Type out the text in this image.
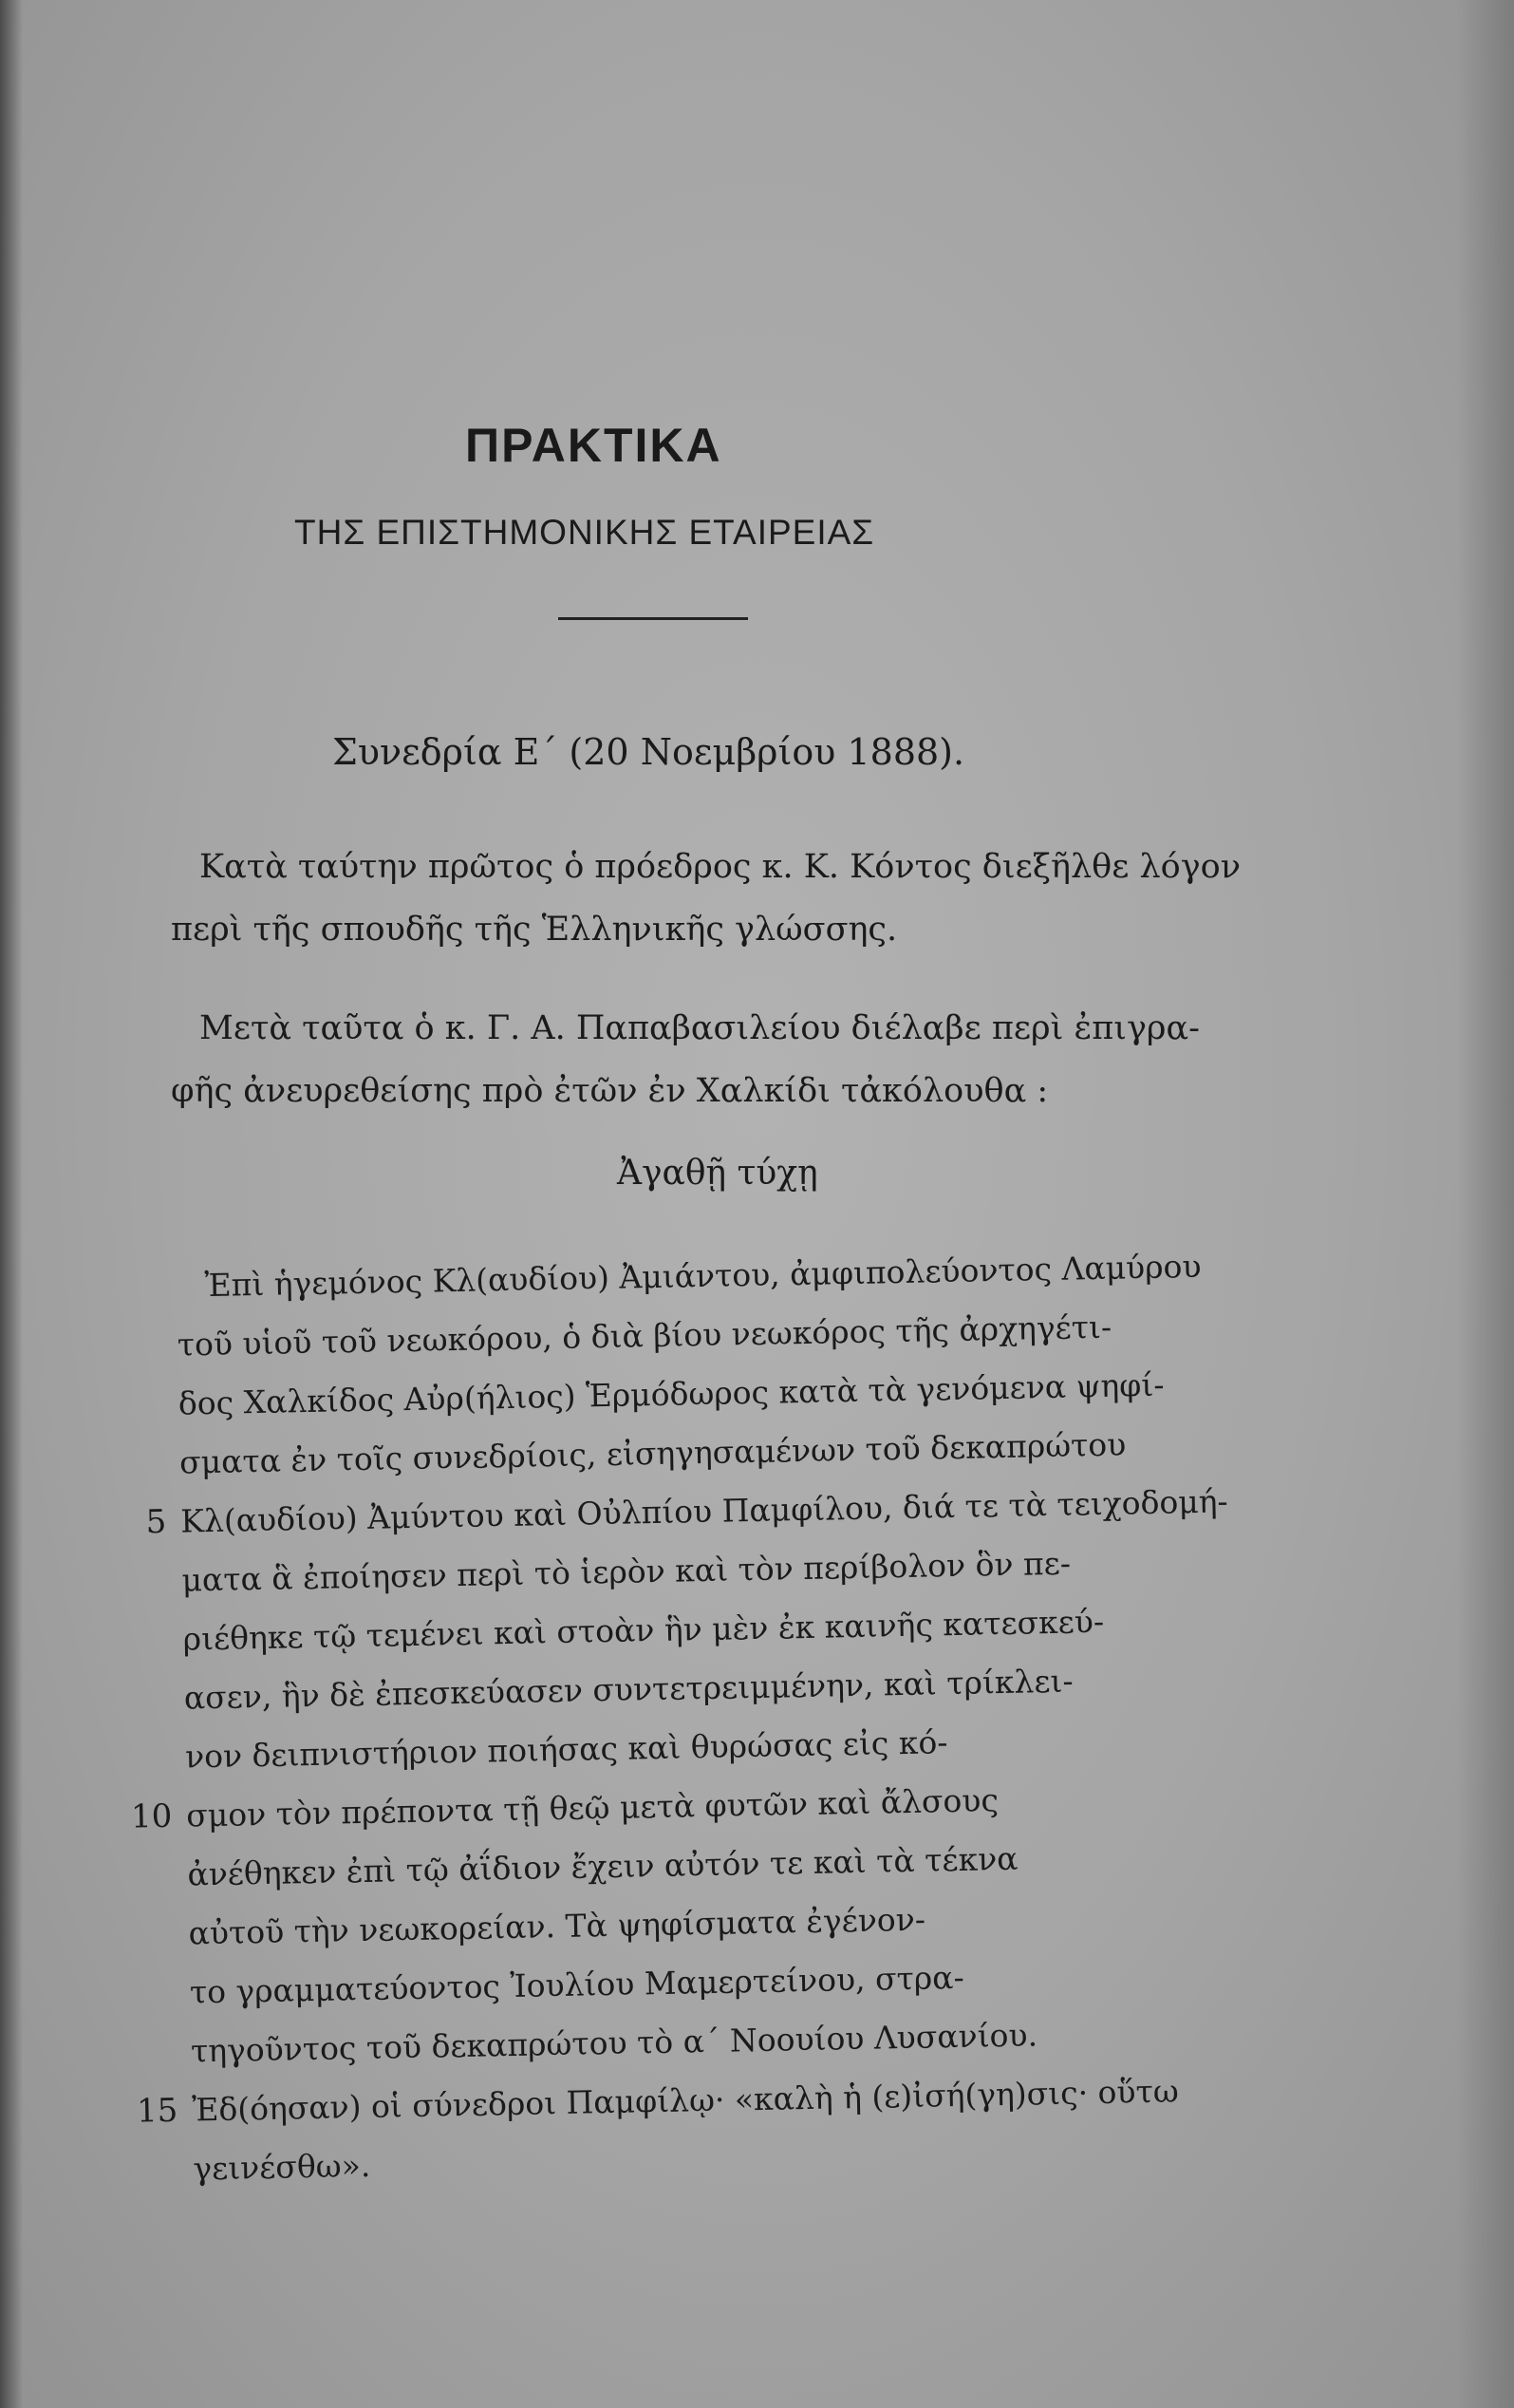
ΠΡΑΚΤΙΚΑ
ΤΗΣ ΕΠΙΣΤΗΜΟΝΙΚΗΣ ΕΤΑΙΡΕΙΑΣ
Συνεδρία Ε΄ (20 Νοεμβρίου 1888).

Κατὰ ταύτην πρῶτος ὁ πρόεδρος κ. Κ. Κόντος διεξῆλθε λόγον

περὶ τῆς σπουδῆς τῆς Ἑλληνικῆς γλώσσης.

Μετὰ ταῦτα ὁ κ. Γ. Α. Παπαβασιλείου διέλαβε περὶ ἐπιγρα-

φῆς ἀνευρεθείσης πρὸ ἐτῶν ἐν Χαλκίδι τἀκόλουθα :

Ἀγαθῇ τύχῃ
Ἐπὶ ἡγεμόνος Κλ(αυδίου) Ἀμιάντου, ἀμφιπολεύοντος Λαμύρου
τοῦ υἱοῦ τοῦ νεωκόρου, ὁ διὰ βίου νεωκόρος τῆς ἀρχηγέτι-
δος Χαλκίδος Αὐρ(ήλιος) Ἑρμόδωρος κατὰ τὰ γενόμενα ψηφί-
σματα ἐν τοῖς συνεδρίοις, εἰσηγησαμένων τοῦ δεκαπρώτου
5 Κλ(αυδίου) Ἀμύντου καὶ Οὐλπίου Παμφίλου, διά τε τὰ τειχοδομή-
ματα ἃ ἐποίησεν περὶ τὸ ἱερὸν καὶ τὸν περίβολον ὃν πε-
ριέθηκε τῷ τεμένει καὶ στοὰν ἣν μὲν ἐκ καινῆς κατεσκεύ-
ασεν, ἣν δὲ ἐπεσκεύασεν συντετρειμμένην, καὶ τρίκλει-
νον δειπνιστήριον ποιήσας καὶ θυρώσας εἰς κό-
10 σμον τὸν πρέποντα τῇ θεῷ μετὰ φυτῶν καὶ ἄλσους
ἀνέθηκεν ἐπὶ τῷ ἀΐδιον ἔχειν αὐτόν τε καὶ τὰ τέκνα
αὐτοῦ τὴν νεωκορείαν. Τὰ ψηφίσματα ἐγένον-
το γραμματεύοντος Ἰουλίου Μαμερτείνου, στρα-
τηγοῦντος τοῦ δεκαπρώτου τὸ α΄ Νοουίου Λυσανίου.
15 Ἐδ(όησαν) οἱ σύνεδροι Παμφίλῳ· «καλὴ ἡ (ε)ἰσή(γη)σις· οὕτω
γεινέσθω».
